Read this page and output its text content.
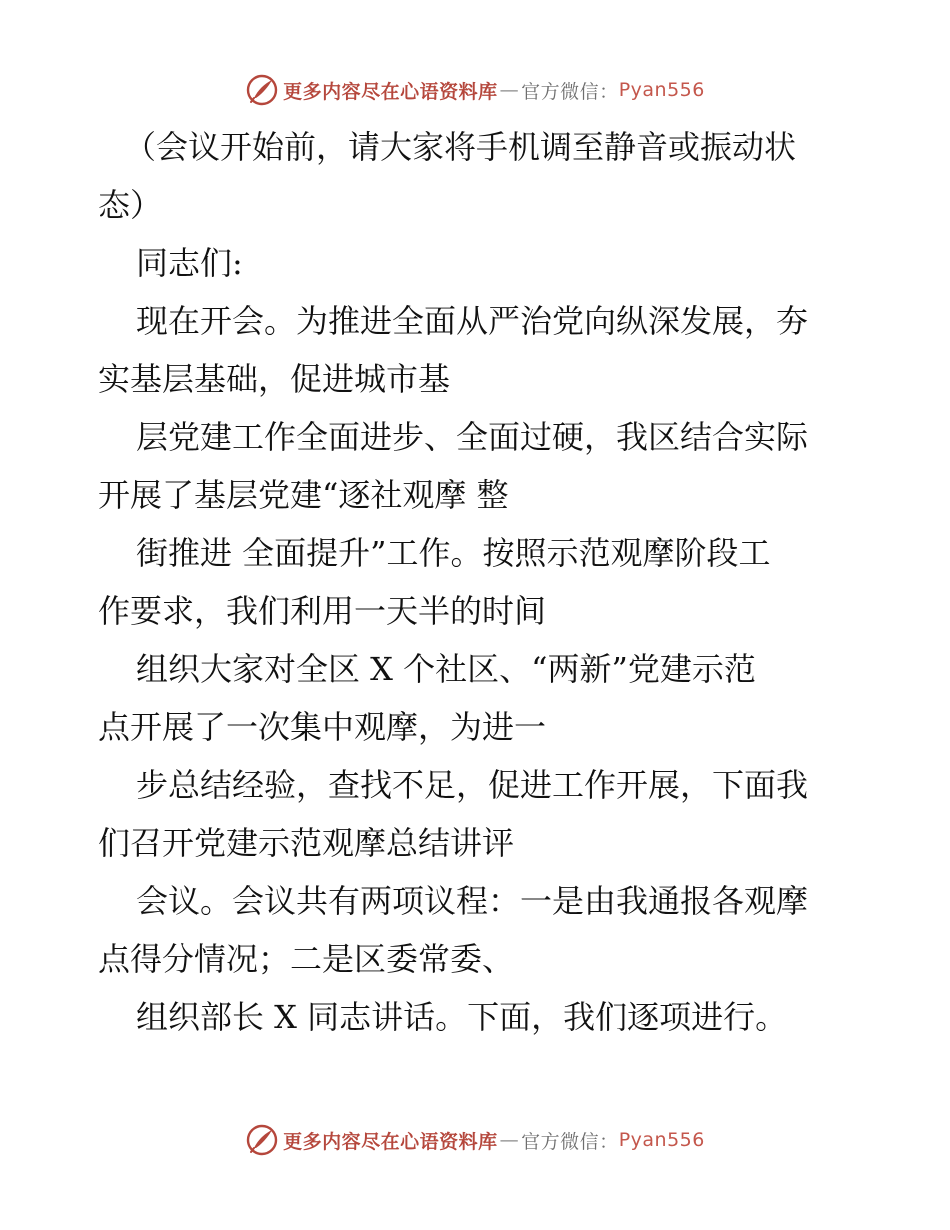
更多内容尽在心语资料库 — 官方微信： Pyan556

（会议开始前，请大家将手机调至静音或振动状

态）

同志们:

现在开会。为推进全面从严治党向纵深发展，夯

实基层基础，促进城市基

层党建工作全面进步、全面过硬，我区结合实际

开展了基层党建“逐社观摩 整

街推进 全面提升”工作。按照示范观摩阶段工

作要求，我们利用一天半的时间

组织大家对全区 X 个社区、“两新”党建示范

点开展了一次集中观摩，为进一

步总结经验，查找不足，促进工作开展，下面我

们召开党建示范观摩总结讲评

会议。会议共有两项议程：一是由我通报各观摩

点得分情况；二是区委常委、

组织部长 X 同志讲话。下面，我们逐项进行。

更多内容尽在心语资料库 — 官方微信： Pyan556
